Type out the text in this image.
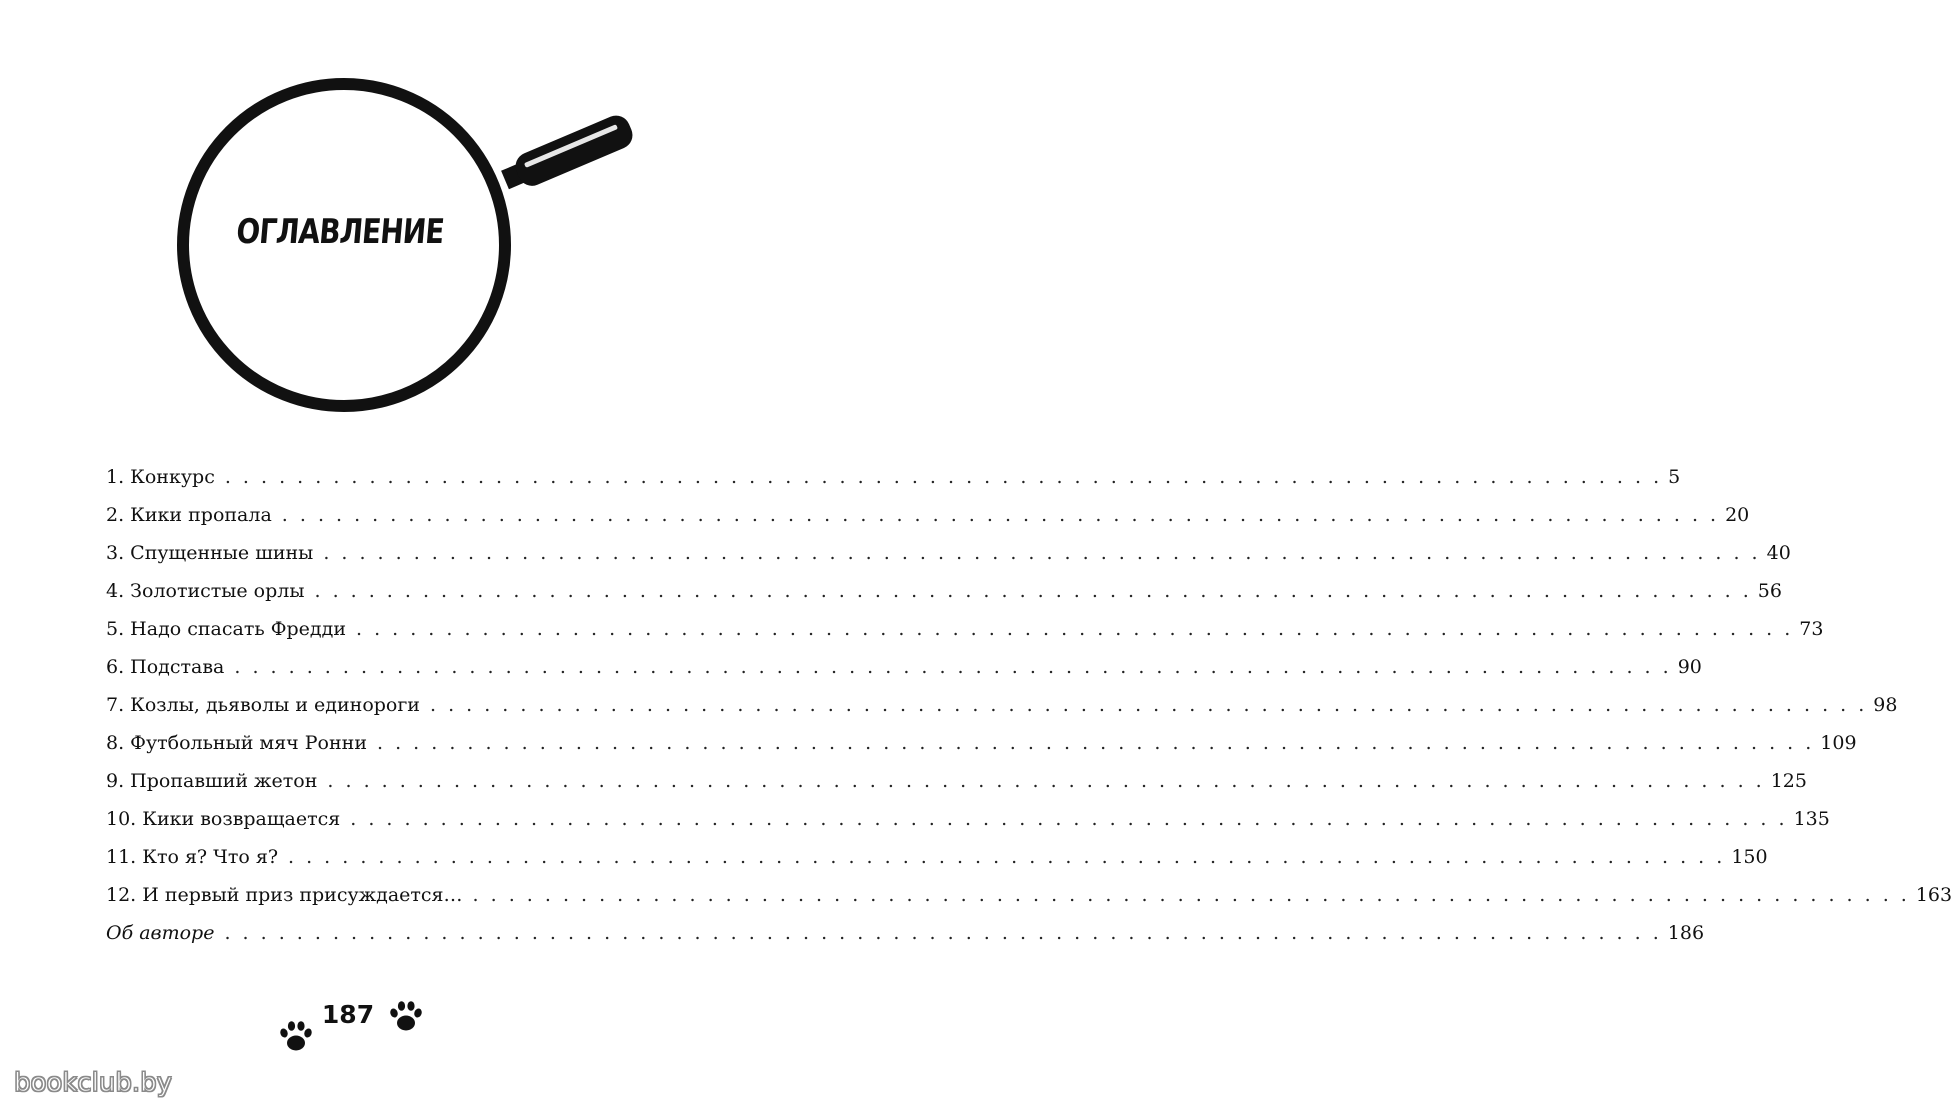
ОГЛАВЛЕНИЕ
1. Конкурс . . . . . . . . . . . . . . . . . . . . . . . . . . . . . . . . . . . . . . . . . . . . . . . . . . . . . . . . . . . . . . . . . . . . . . . . . . . . . . . . 5
2. Кики пропала . . . . . . . . . . . . . . . . . . . . . . . . . . . . . . . . . . . . . . . . . . . . . . . . . . . . . . . . . . . . . . . . . . . . . . . . . . . . . . . . 20
3. Спущенные шины . . . . . . . . . . . . . . . . . . . . . . . . . . . . . . . . . . . . . . . . . . . . . . . . . . . . . . . . . . . . . . . . . . . . . . . . . . . . . . . . 40
4. Золотистые орлы . . . . . . . . . . . . . . . . . . . . . . . . . . . . . . . . . . . . . . . . . . . . . . . . . . . . . . . . . . . . . . . . . . . . . . . . . . . . . . . . 56
5. Надо спасать Фредди . . . . . . . . . . . . . . . . . . . . . . . . . . . . . . . . . . . . . . . . . . . . . . . . . . . . . . . . . . . . . . . . . . . . . . . . . . . . . . . . 73
6. Подстава . . . . . . . . . . . . . . . . . . . . . . . . . . . . . . . . . . . . . . . . . . . . . . . . . . . . . . . . . . . . . . . . . . . . . . . . . . . . . . . . 90
7. Козлы, дьяволы и единороги . . . . . . . . . . . . . . . . . . . . . . . . . . . . . . . . . . . . . . . . . . . . . . . . . . . . . . . . . . . . . . . . . . . . . . . . . . . . . . . . 98
8. Футбольный мяч Ронни . . . . . . . . . . . . . . . . . . . . . . . . . . . . . . . . . . . . . . . . . . . . . . . . . . . . . . . . . . . . . . . . . . . . . . . . . . . . . . . . 109
9. Пропавший жетон . . . . . . . . . . . . . . . . . . . . . . . . . . . . . . . . . . . . . . . . . . . . . . . . . . . . . . . . . . . . . . . . . . . . . . . . . . . . . . . . 125
10. Кики возвращается . . . . . . . . . . . . . . . . . . . . . . . . . . . . . . . . . . . . . . . . . . . . . . . . . . . . . . . . . . . . . . . . . . . . . . . . . . . . . . . . 135
11. Кто я? Что я? . . . . . . . . . . . . . . . . . . . . . . . . . . . . . . . . . . . . . . . . . . . . . . . . . . . . . . . . . . . . . . . . . . . . . . . . . . . . . . . . 150
12. И первый приз присуждается… . . . . . . . . . . . . . . . . . . . . . . . . . . . . . . . . . . . . . . . . . . . . . . . . . . . . . . . . . . . . . . . . . . . . . . . . . . . . . . . . 163
Об авторе . . . . . . . . . . . . . . . . . . . . . . . . . . . . . . . . . . . . . . . . . . . . . . . . . . . . . . . . . . . . . . . . . . . . . . . . . . . . . . . . 186
187
bookclub.by
